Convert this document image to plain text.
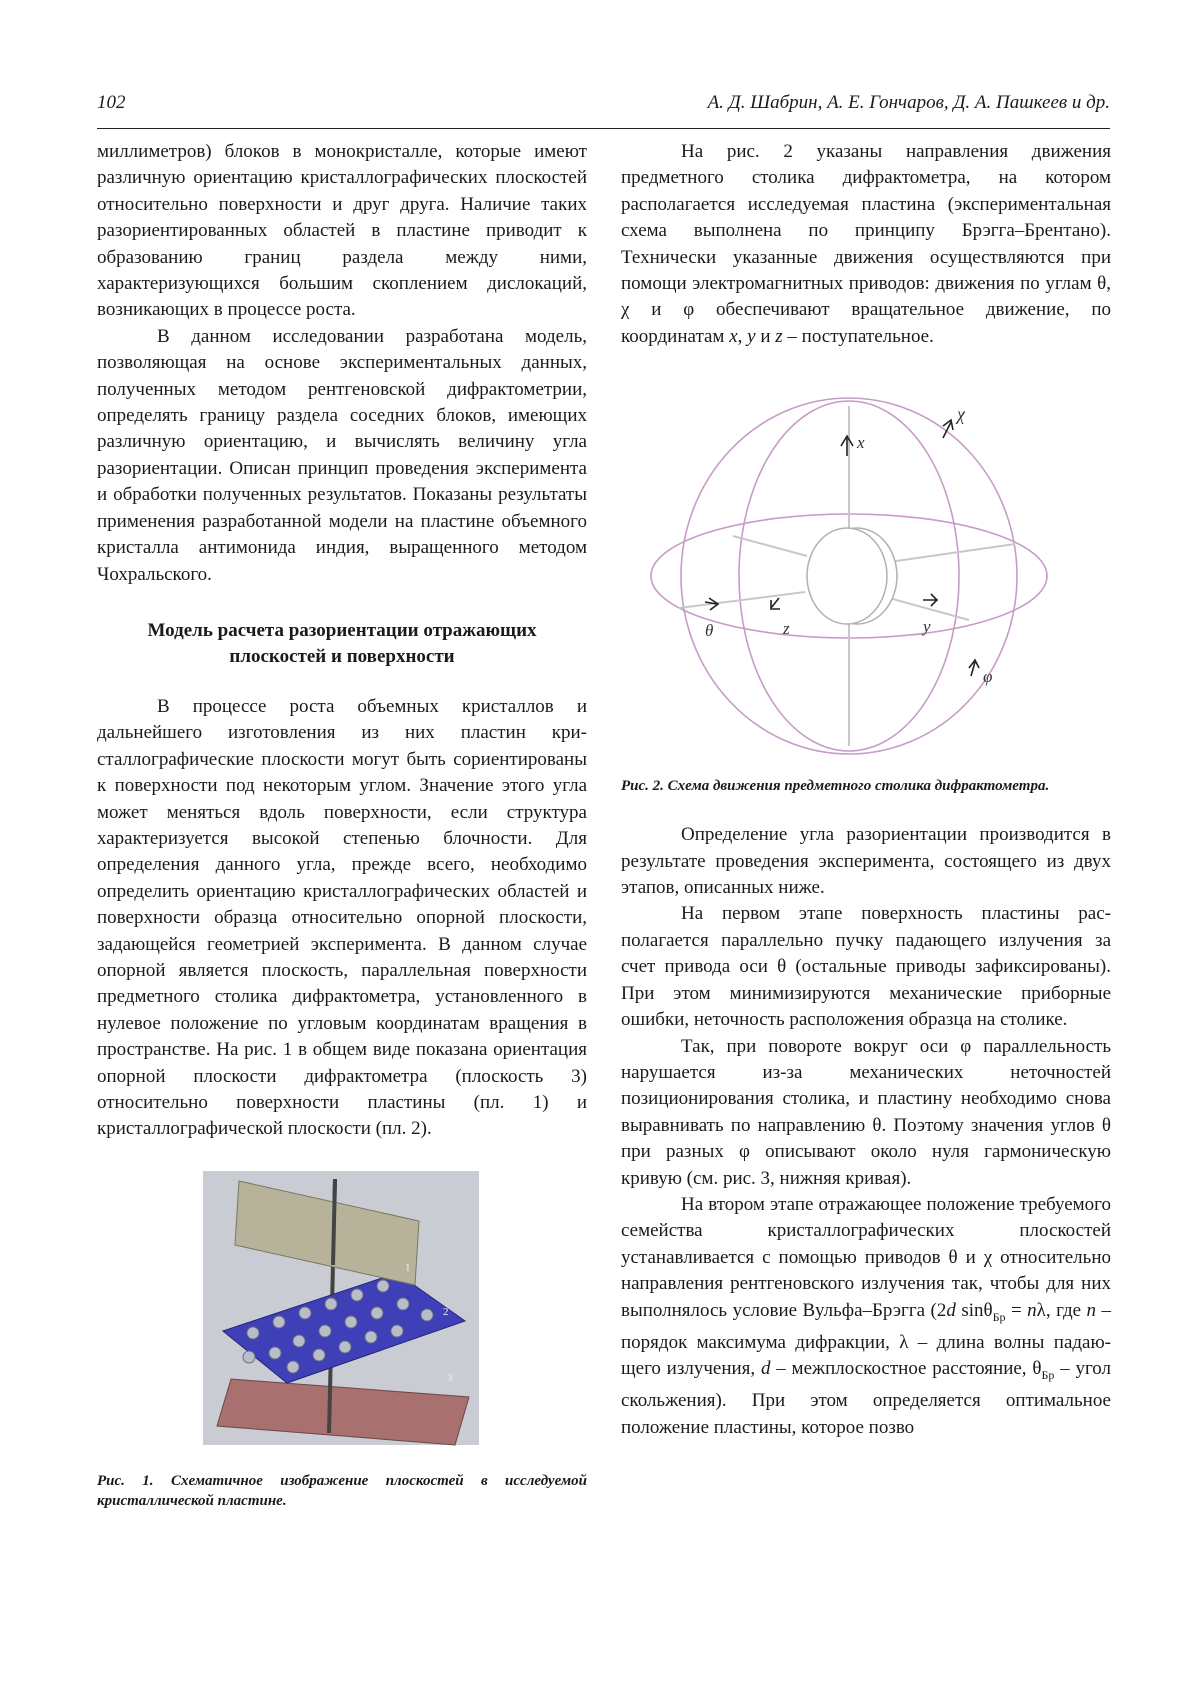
102	А. Д. Шабрин, А. Е. Гончаров, Д. А. Пашкеев и др.

миллиметров) блоков в монокристалле, которые имеют различную ориентацию кристаллографических плоскостей относительно поверхности и друг друга. Наличие таких разориентированных областей в пластине приводит к образованию границ раздела между ними, характеризующихся большим скоплением дислокаций, возникающих в процессе роста.

В данном исследовании разработана модель, позволяющая на основе экспериментальных данных, полученных методом рентгеновской дифрактометрии, определять границу раздела соседних блоков, имеющих различную ориентацию, и вычислять величину угла разориентации. Описан принцип проведения эксперимента и обработки полученных результатов. Показаны результаты применения разработанной модели на пластине объемного кристалла антимонида индия, выращенного методом Чохральского.

Модель расчета разориентации отражающих
плоскостей и поверхности

В процессе роста объемных кристаллов и дальнейшего изготовления из них пластин кристаллографические плоскости могут быть сориентированы к поверхности под некоторым углом. Значение этого угла может меняться вдоль поверхности, если структура характеризуется высокой степенью блочности. Для определения данного угла, прежде всего, необходимо определить ориентацию кристаллографических областей и поверхности образца относительно опорной плоскости, задающейся геометрией эксперимента. В данном случае опорной является плоскость, параллельная поверхности предметного столика дифрактометра, установленного в нулевое положение по угловым координатам вращения в пространстве. На рис. 1 в общем виде показана ориентация опорной плоскости дифрактометра (плоскость 3) относительно поверхности пластины (пл. 1) и кристаллографической плоскости (пл. 2).

1
2
3

Рис. 1. Схематичное изображение плоскостей в исследуемой кристаллической пластине.

На рис. 2 указаны направления движения предметного столика дифрактометра, на котором располагается исследуемая пластина (экспериментальная схема выполнена по принципу Брэгга–Брентано). Технически указанные движения осуществляются при помощи электромагнитных приводов: движения по углам θ, χ и φ обеспечивают вращательное движение, по координатам x, y и z – поступательное.

x
χ
θ	z	y
φ

Рис. 2. Схема движения предметного столика дифрактометра.

Определение угла разориентации производится в результате проведения эксперимента, состоящего из двух этапов, описанных ниже.

На первом этапе поверхность пластины располагается параллельно пучку падающего излучения за счет привода оси θ (остальные приводы зафиксированы). При этом минимизируются механические приборные ошибки, неточность расположения образца на столике.

Так, при повороте вокруг оси φ параллельность нарушается из-за механических неточностей позиционирования столика, и пластину необходимо снова выравнивать по направлению θ. Поэтому значения углов θ при разных φ описывают около нуля гармоническую кривую (см. рис. 3, нижняя кривая).

На втором этапе отражающее положение требуемого семейства кристаллографических плоскостей устанавливается с помощью приводов θ и χ относительно направления рентгеновского излучения так, чтобы для них выполнялось условие Вульфа–Брэгга (2d sinθ$_{Бр}$ = nλ, где n – порядок максимума дифракции, λ – длина волны падающего излучения, d – межплоскостное расстояние, $\theta_{Бр}$ – угол скольжения). При этом определяется оптимальное положение пластины, которое позво
